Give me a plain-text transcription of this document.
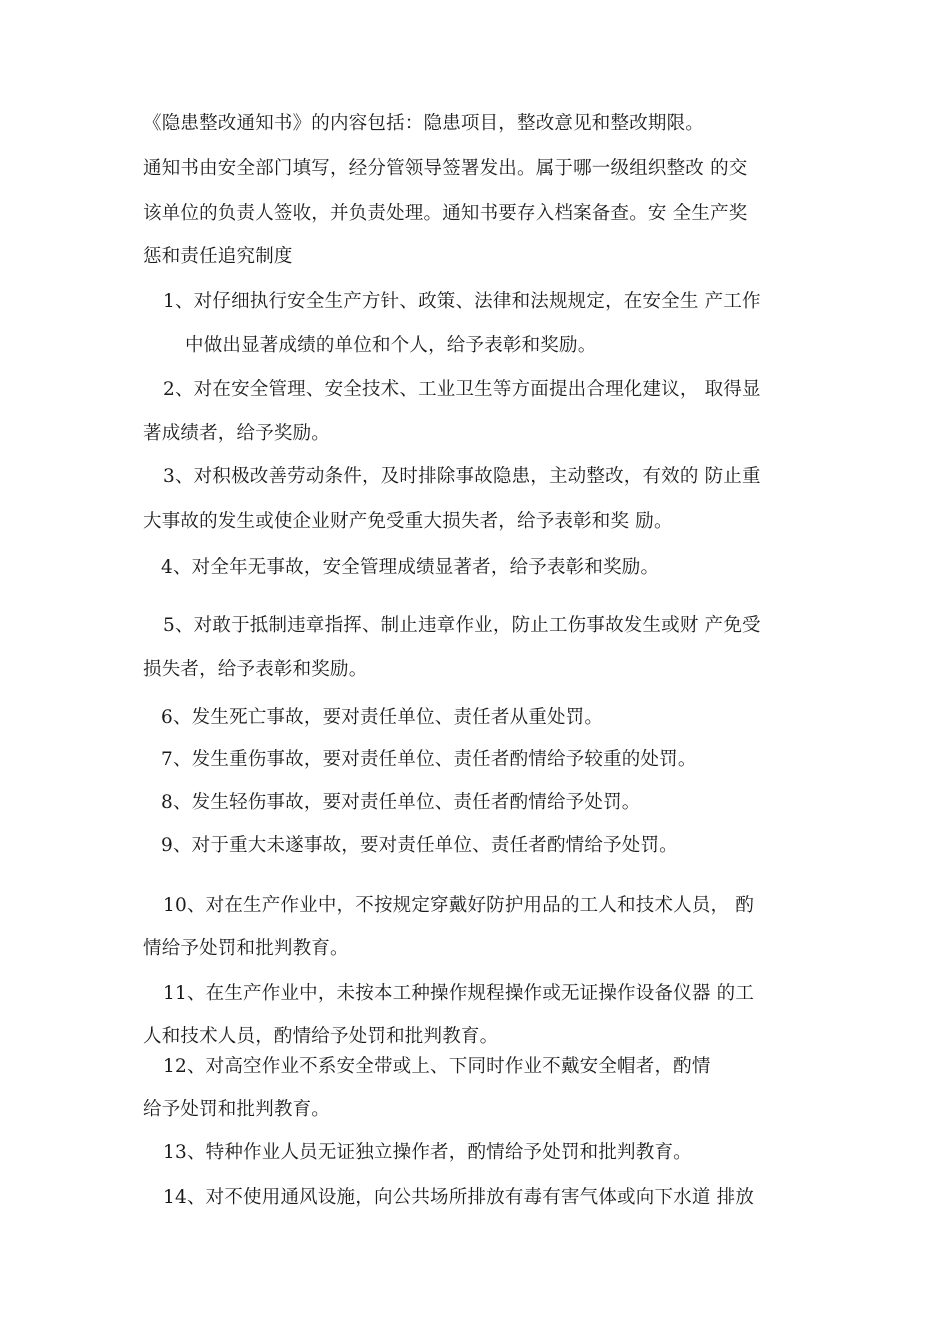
《隐患整改通知书》的内容包括：隐患项目，整改意见和整改期限。
通知书由安全部门填写，经分管领导签署发出。属于哪一级组织整改 的交
该单位的负责人签收，并负责处理。通知书要存入档案备查。安 全生产奖
惩和责任追究制度
1、对仔细执行安全生产方针、政策、法律和法规规定，在安全生 产工作
中做出显著成绩的单位和个人，给予表彰和奖励。
2、对在安全管理、安全技术、工业卫生等方面提出合理化建议， 取得显
著成绩者，给予奖励。
3、对积极改善劳动条件，及时排除事故隐患，主动整改，有效的 防止重
大事故的发生或使企业财产免受重大损失者，给予表彰和奖 励。
4、对全年无事故，安全管理成绩显著者，给予表彰和奖励。
5、对敢于抵制违章指挥、制止违章作业，防止工伤事故发生或财 产免受
损失者，给予表彰和奖励。
6、发生死亡事故，要对责任单位、责任者从重处罚。
7、发生重伤事故，要对责任单位、责任者酌情给予较重的处罚。
8、发生轻伤事故，要对责任单位、责任者酌情给予处罚。
9、对于重大未遂事故，要对责任单位、责任者酌情给予处罚。
10、对在生产作业中，不按规定穿戴好防护用品的工人和技术人员， 酌
情给予处罚和批判教育。
11、在生产作业中，未按本工种操作规程操作或无证操作设备仪器 的工
人和技术人员，酌情给予处罚和批判教育。
12、对高空作业不系安全带或上、下同时作业不戴安全帽者，酌情
给予处罚和批判教育。
13、特种作业人员无证独立操作者，酌情给予处罚和批判教育。
14、对不使用通风设施，向公共场所排放有毒有害气体或向下水道 排放
